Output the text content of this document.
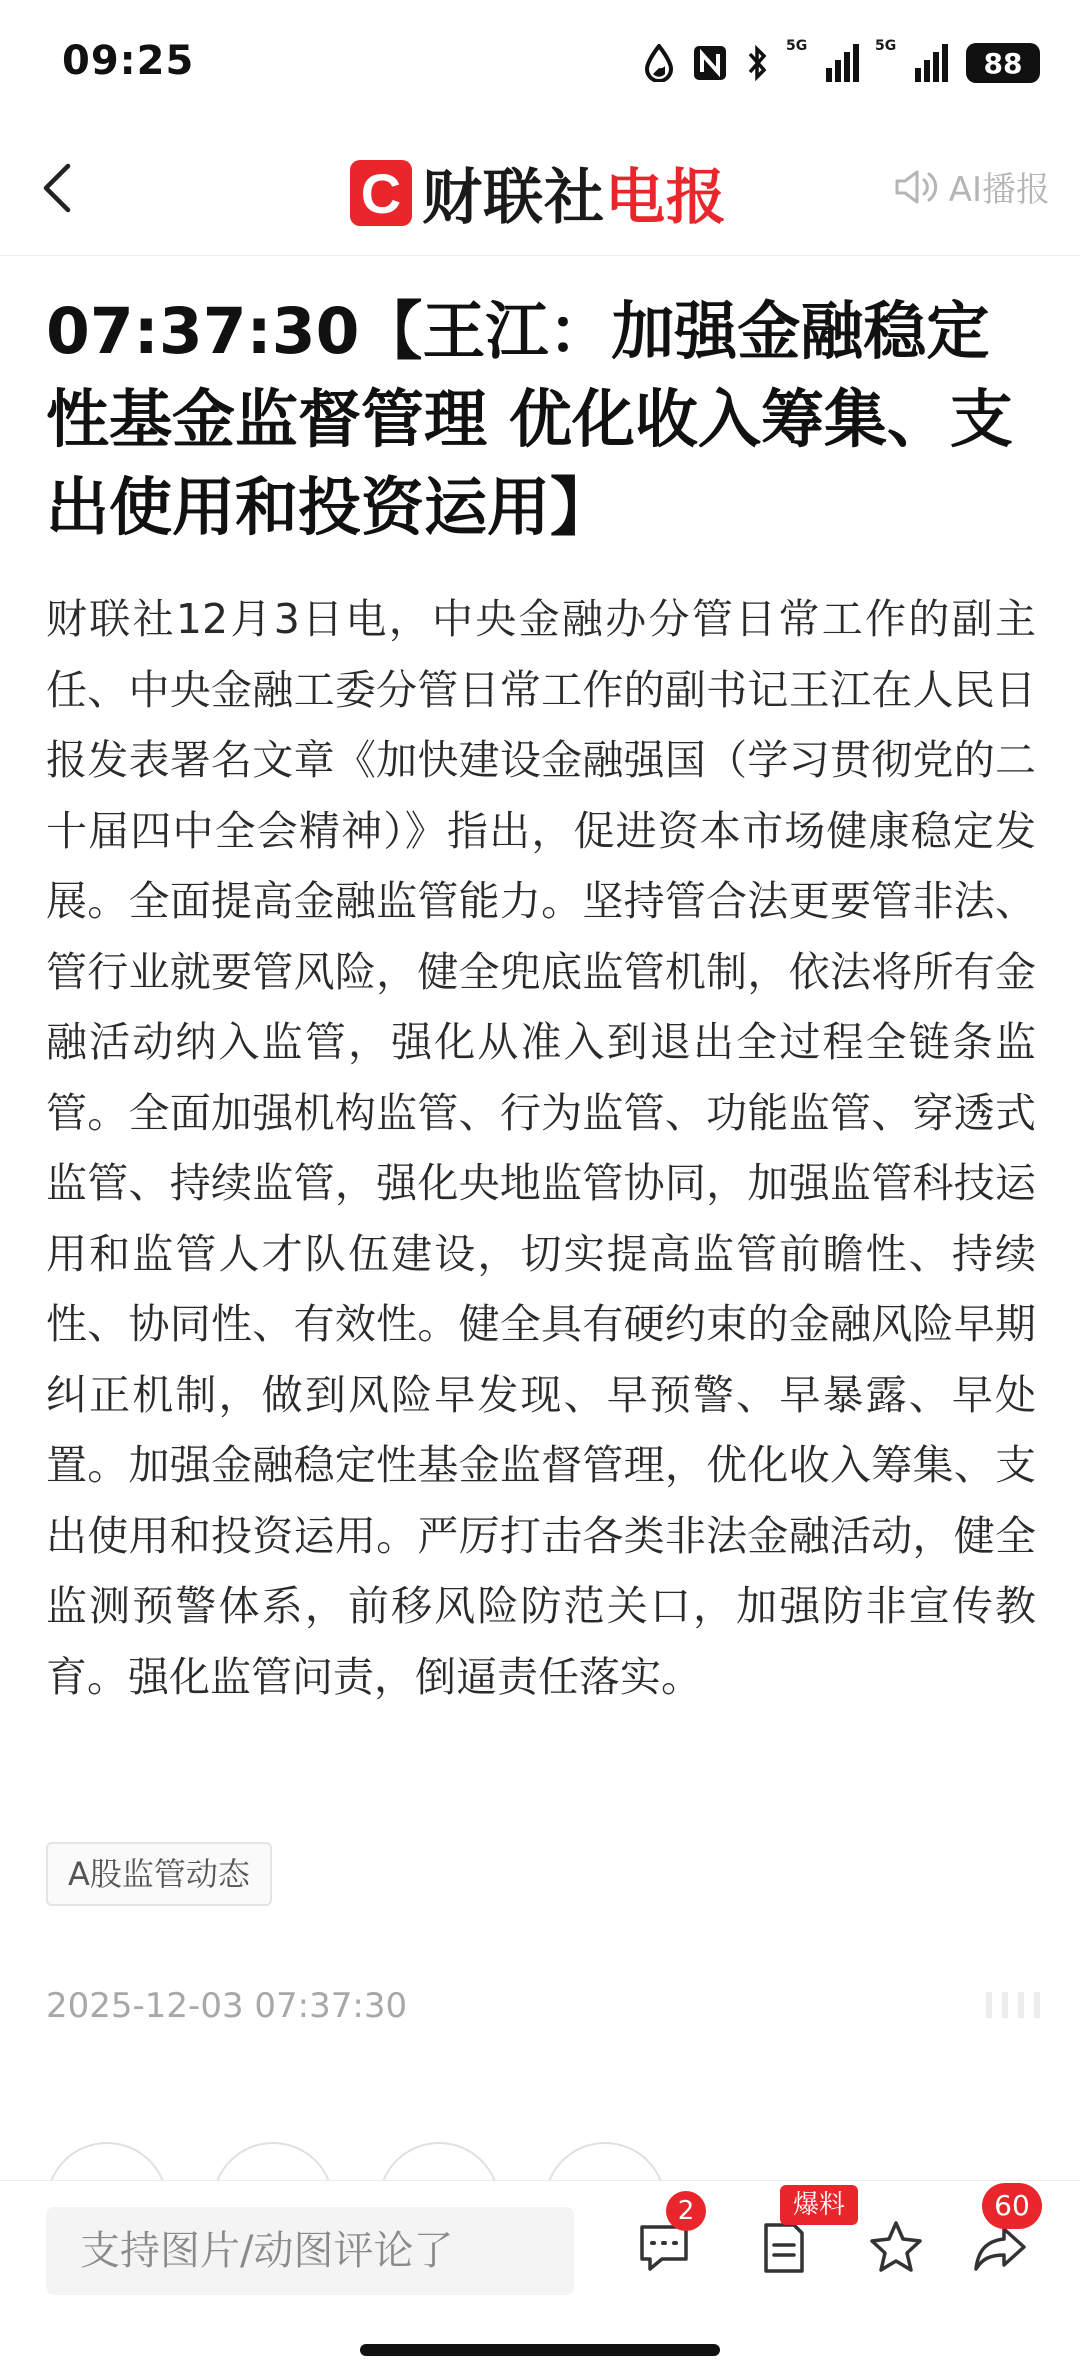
09:25	5G	5G
88
C 财联社电报	AI播报
07:37:30【王江：加强金融稳定性基金监督管理 优化收入筹集、支出使用和投资运用】

财联社12月3日电，中央金融办分管日常工作的副主任、中央金融工委分管日常工作的副书记王江在人民日报发表署名文章《加快建设金融强国（学习贯彻党的二十届四中全会精神）》指出，促进资本市场健康稳定发展。全面提高金融监管能力。坚持管合法更要管非法、管行业就要管风险，健全兜底监管机制，依法将所有金融活动纳入监管，强化从准入到退出全过程全链条监管。全面加强机构监管、行为监管、功能监管、穿透式监管、持续监管，强化央地监管协同，加强监管科技运用和监管人才队伍建设，切实提高监管前瞻性、持续性、协同性、有效性。健全具有硬约束的金融风险早期纠正机制，做到风险早发现、早预警、早暴露、早处置。加强金融稳定性基金监督管理，优化收入筹集、支出使用和投资运用。严厉打击各类非法金融活动，健全监测预警体系，前移风险防范关口，加强防非宣传教育。强化监管问责，倒逼责任落实。

A股监管动态
2025-12-03 07:37:30
支持图片/动图评论了
2	爆料	60
